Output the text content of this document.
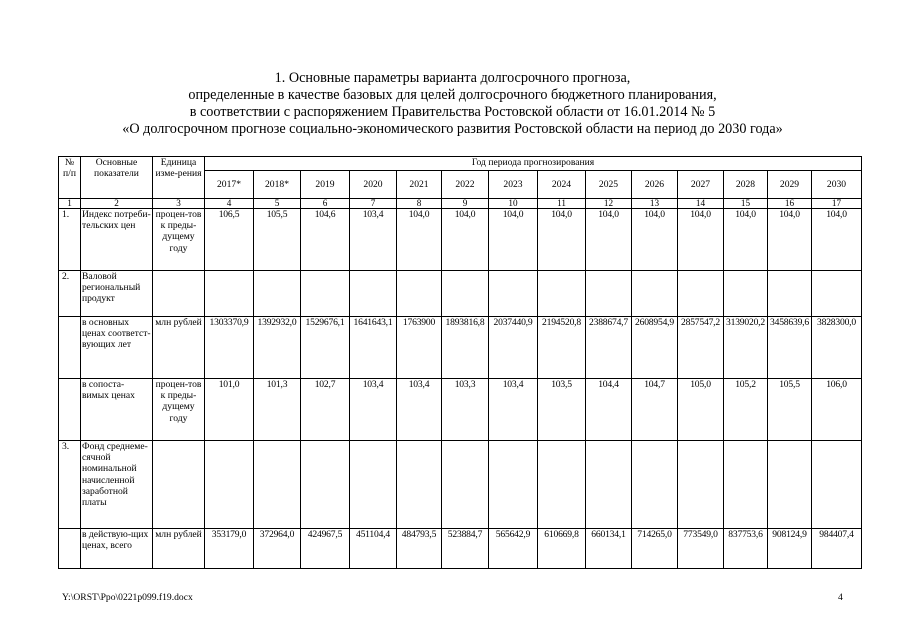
1. Основные параметры варианта долгосрочного прогноза,
определенные в качестве базовых для целей долгосрочного бюджетного планирования,
в соответствии с распоряжением Правительства Ростовской области от 16.01.2014 № 5
«О долгосрочном прогнозе социально-экономического развития Ростовской области на период до 2030 года»
№ п/п	Основные показатели	Единица изме-рения	Год периода прогнозирования													
			2017*	2018*	2019	2020	2021	2022	2023	2024	2025	2026	2027	2028	2029	2030
1	2	3	4	5	6	7	8	9	10	11	12	13	14	15	16	17
1.	Индекс потреби-тельских цен	процен-тов к преды-дущему году	106,5	105,5	104,6	103,4	104,0	104,0	104,0	104,0	104,0	104,0	104,0	104,0	104,0	104,0
2.	Валовой региональный продукт															
	в основных ценах соответст-вующих лет	млн рублей	1303370,9	1392932,0	1529676,1	1641643,1	1763900	1893816,8	2037440,9	2194520,8	2388674,7	2608954,9	2857547,2	3139020,2	3458639,6	3828300,0
	в сопоста-вимых ценах	процен-тов к преды-дущему году	101,0	101,3	102,7	103,4	103,4	103,3	103,4	103,5	104,4	104,7	105,0	105,2	105,5	106,0
3.	Фонд среднеме-сячной номинальной начисленной заработной платы															
	в действую-щих ценах, всего	млн рублей	353179,0	372964,0	424967,5	451104,4	484793,5	523884,7	565642,9	610669,8	660134,1	714265,0	773549,0	837753,6	908124,9	984407,4
Y:\ORST\Ppo\0221p099.f19.docx	4
